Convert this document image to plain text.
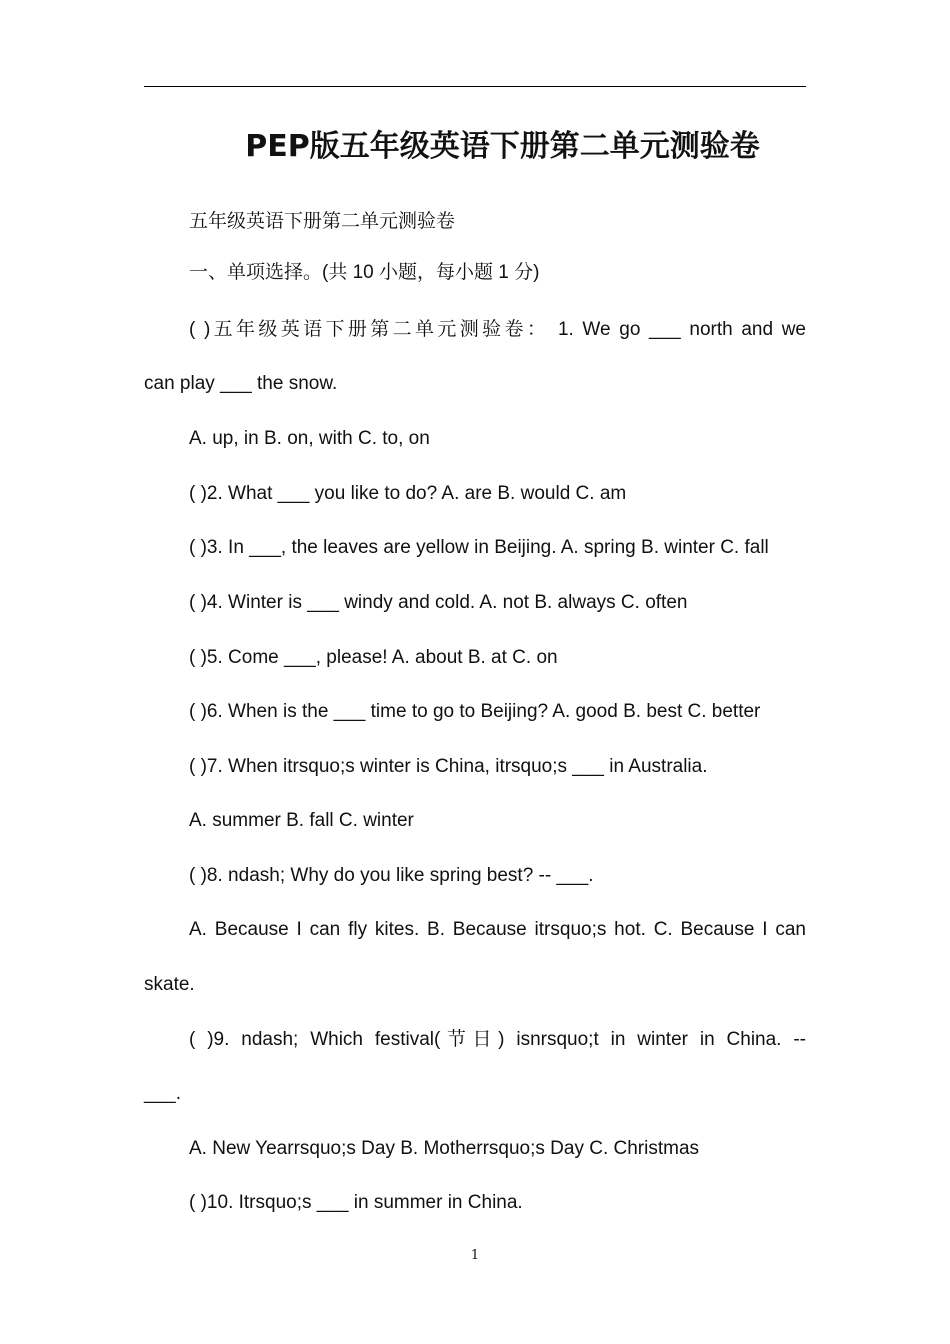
PEP版五年级英语下册第二单元测验卷
五年级英语下册第二单元测验卷
一、单项选择。(共 10 小题，每小题 1 分)
( )五年级英语下册第二单元测验卷： 1. We go ___ north and we
can play ___ the snow.
A. up, in B. on, with C. to, on
( )2. What ___ you like to do? A. are B. would C. am
( )3. In ___, the leaves are yellow in Beijing. A. spring B. winter C. fall
( )4. Winter is ___ windy and cold. A. not B. always C. often
( )5. Come ___, please! A. about B. at C. on
( )6. When is the ___ time to go to Beijing? A. good B. best C. better
( )7. When itrsquo;s winter is China, itrsquo;s ___ in Australia.
A. summer B. fall C. winter
( )8. ndash; Why do you like spring best? -- ___.
A. Because I can fly kites. B. Because itrsquo;s hot. C. Because I can
skate.
( )9. ndash; Which festival(节日) isnrsquo;t in winter in China. --
___.
A. New Yearrsquo;s Day B. Motherrsquo;s Day C. Christmas
( )10. Itrsquo;s ___ in summer in China.
1
